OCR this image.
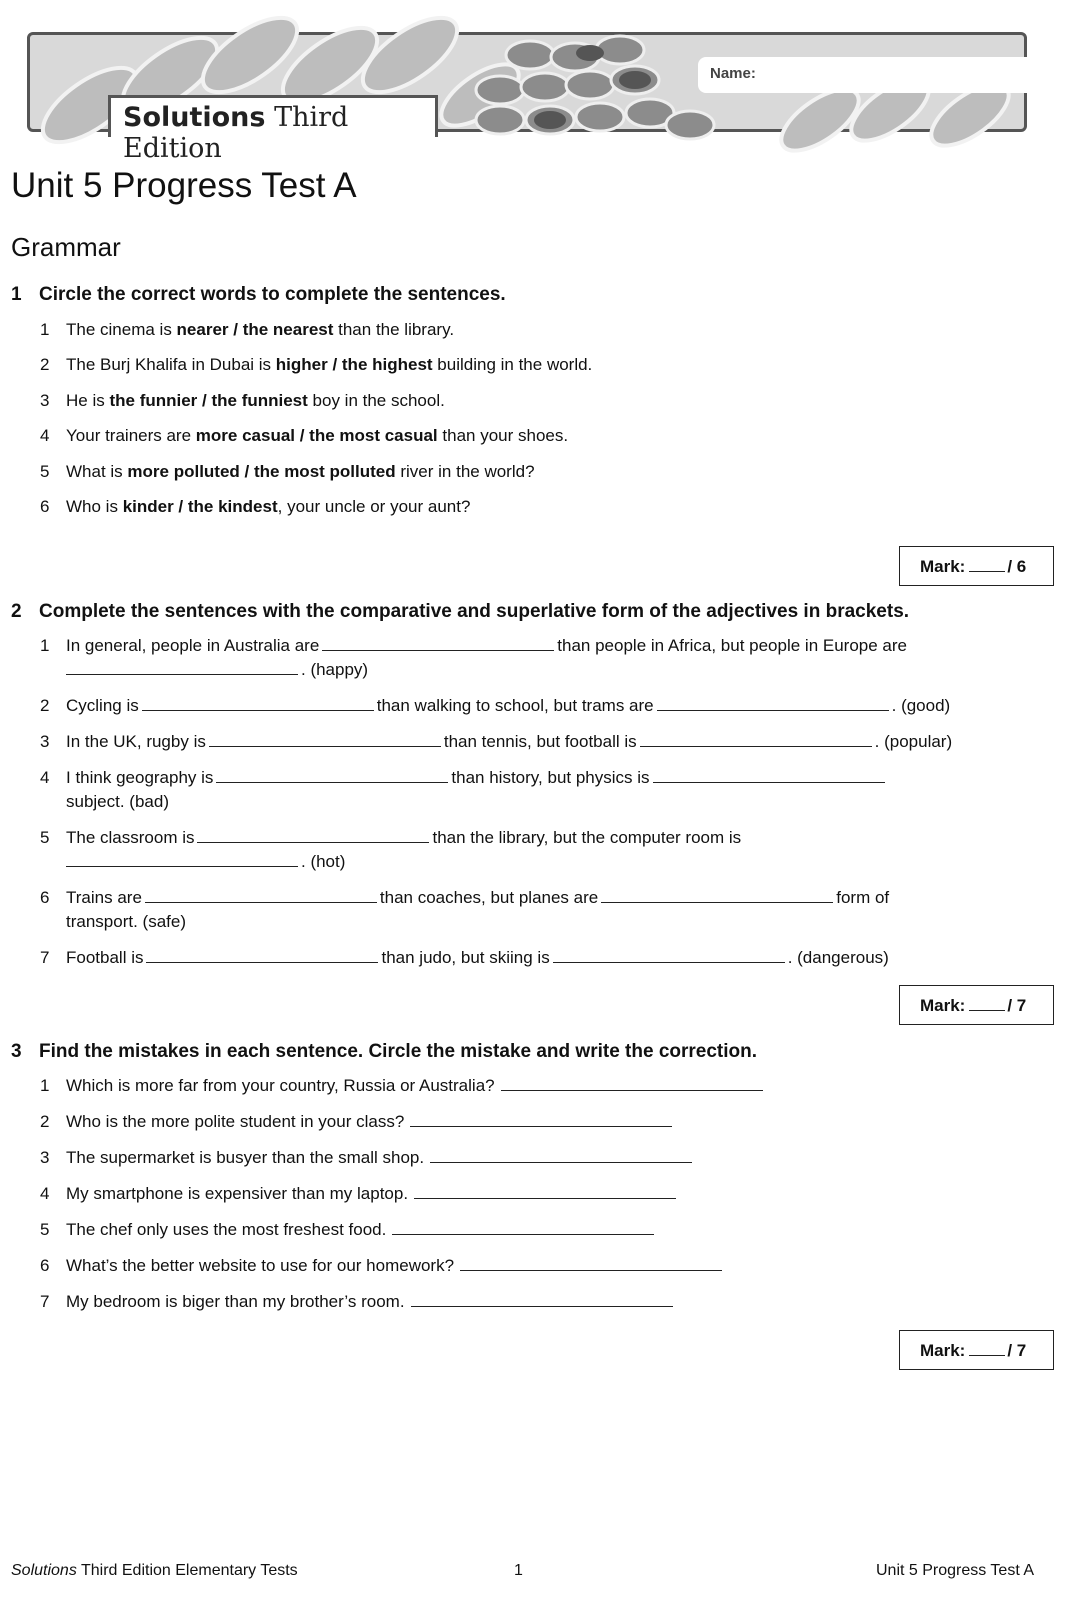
Name:
Solutions Third Edition
Unit 5 Progress Test A
Grammar
1 Circle the correct words to complete the sentences.
1 The cinema is nearer / the nearest than the library.
2 The Burj Khalifa in Dubai is higher / the highest building in the world.
3 He is the funnier / the funniest boy in the school.
4 Your trainers are more casual / the most casual than your shoes.
5 What is more polluted / the most polluted river in the world?
6 Who is kinder / the kindest, your uncle or your aunt?
Mark: / 6
2 Complete the sentences with the comparative and superlative form of the adjectives in brackets.
1 In general, people in Australia are	than people in Africa, but people in Europe are
. (happy)
2 Cycling is	than walking to school, but trams are	. (good)
3 In the UK, rugby is	than tennis, but football is	. (popular)
4 I think geography is	than history, but physics is
subject. (bad)
5 The classroom is	than the library, but the computer room is
. (hot)
6 Trains are	than coaches, but planes are	form of
transport. (safe)
7 Football is	than judo, but skiing is	. (dangerous)
Mark: / 7
3 Find the mistakes in each sentence. Circle the mistake and write the correction.
1 Which is more far from your country, Russia or Australia?
2 Who is the more polite student in your class?
3 The supermarket is busyer than the small shop.
4 My smartphone is expensiver than my laptop.
5 The chef only uses the most freshest food.
6 What’s the better website to use for our homework?
7 My bedroom is biger than my brother’s room.
Mark: / 7
Solutions Third Edition Elementary Tests	1	Unit 5 Progress Test A
